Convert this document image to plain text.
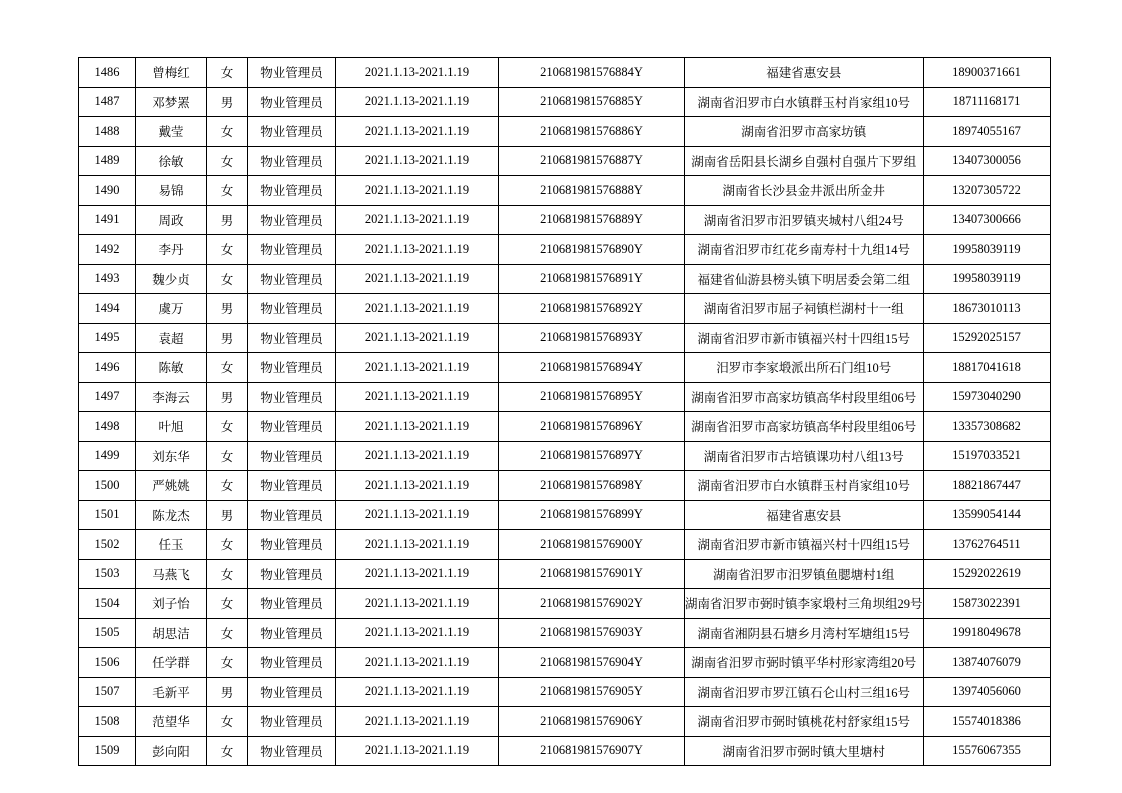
1486	曾梅红	女	物业管理员	2021.1.13-2021.1.19	210681981576884Y	福建省惠安县	18900371661
1487	邓梦罴	男	物业管理员	2021.1.13-2021.1.19	210681981576885Y	湖南省汨罗市白水镇群玉村肖家组10号	18711168171
1488	戴莹	女	物业管理员	2021.1.13-2021.1.19	210681981576886Y	湖南省汨罗市高家坊镇	18974055167
1489	徐敏	女	物业管理员	2021.1.13-2021.1.19	210681981576887Y	湖南省岳阳县长湖乡自强村自强片下罗组	13407300056
1490	易锦	女	物业管理员	2021.1.13-2021.1.19	210681981576888Y	湖南省长沙县金井派出所金井	13207305722
1491	周政	男	物业管理员	2021.1.13-2021.1.19	210681981576889Y	湖南省汨罗市汨罗镇夹城村八组24号	13407300666
1492	李丹	女	物业管理员	2021.1.13-2021.1.19	210681981576890Y	湖南省汨罗市红花乡南寿村十九组14号	19958039119
1493	魏少贞	女	物业管理员	2021.1.13-2021.1.19	210681981576891Y	福建省仙游县榜头镇下明居委会第二组	19958039119
1494	虞万	男	物业管理员	2021.1.13-2021.1.19	210681981576892Y	湖南省汨罗市屈子祠镇栏湖村十一组	18673010113
1495	袁超	男	物业管理员	2021.1.13-2021.1.19	210681981576893Y	湖南省汨罗市新市镇福兴村十四组15号	15292025157
1496	陈敏	女	物业管理员	2021.1.13-2021.1.19	210681981576894Y	汨罗市李家塅派出所石门组10号	18817041618
1497	李海云	男	物业管理员	2021.1.13-2021.1.19	210681981576895Y	湖南省汨罗市高家坊镇高华村段里组06号	15973040290
1498	叶旭	女	物业管理员	2021.1.13-2021.1.19	210681981576896Y	湖南省汨罗市高家坊镇高华村段里组06号	13357308682
1499	刘东华	女	物业管理员	2021.1.13-2021.1.19	210681981576897Y	湖南省汨罗市古培镇课功村八组13号	15197033521
1500	严姚姚	女	物业管理员	2021.1.13-2021.1.19	210681981576898Y	湖南省汨罗市白水镇群玉村肖家组10号	18821867447
1501	陈龙杰	男	物业管理员	2021.1.13-2021.1.19	210681981576899Y	福建省惠安县	13599054144
1502	任玉	女	物业管理员	2021.1.13-2021.1.19	210681981576900Y	湖南省汨罗市新市镇福兴村十四组15号	13762764511
1503	马燕飞	女	物业管理员	2021.1.13-2021.1.19	210681981576901Y	湖南省汨罗市汨罗镇鱼腮塘村1组	15292022619
1504	刘子怡	女	物业管理员	2021.1.13-2021.1.19	210681981576902Y	湖南省汨罗市弼时镇李家塅村三角坝组29号	15873022391
1505	胡思洁	女	物业管理员	2021.1.13-2021.1.19	210681981576903Y	湖南省湘阴县石塘乡月湾村军塘组15号	19918049678
1506	任学群	女	物业管理员	2021.1.13-2021.1.19	210681981576904Y	湖南省汨罗市弼时镇平华村形家湾组20号	13874076079
1507	毛新平	男	物业管理员	2021.1.13-2021.1.19	210681981576905Y	湖南省汨罗市罗江镇石仑山村三组16号	13974056060
1508	范望华	女	物业管理员	2021.1.13-2021.1.19	210681981576906Y	湖南省汨罗市弼时镇桃花村舒家组15号	15574018386
1509	彭向阳	女	物业管理员	2021.1.13-2021.1.19	210681981576907Y	湖南省汨罗市弼时镇大里塘村	15576067355
